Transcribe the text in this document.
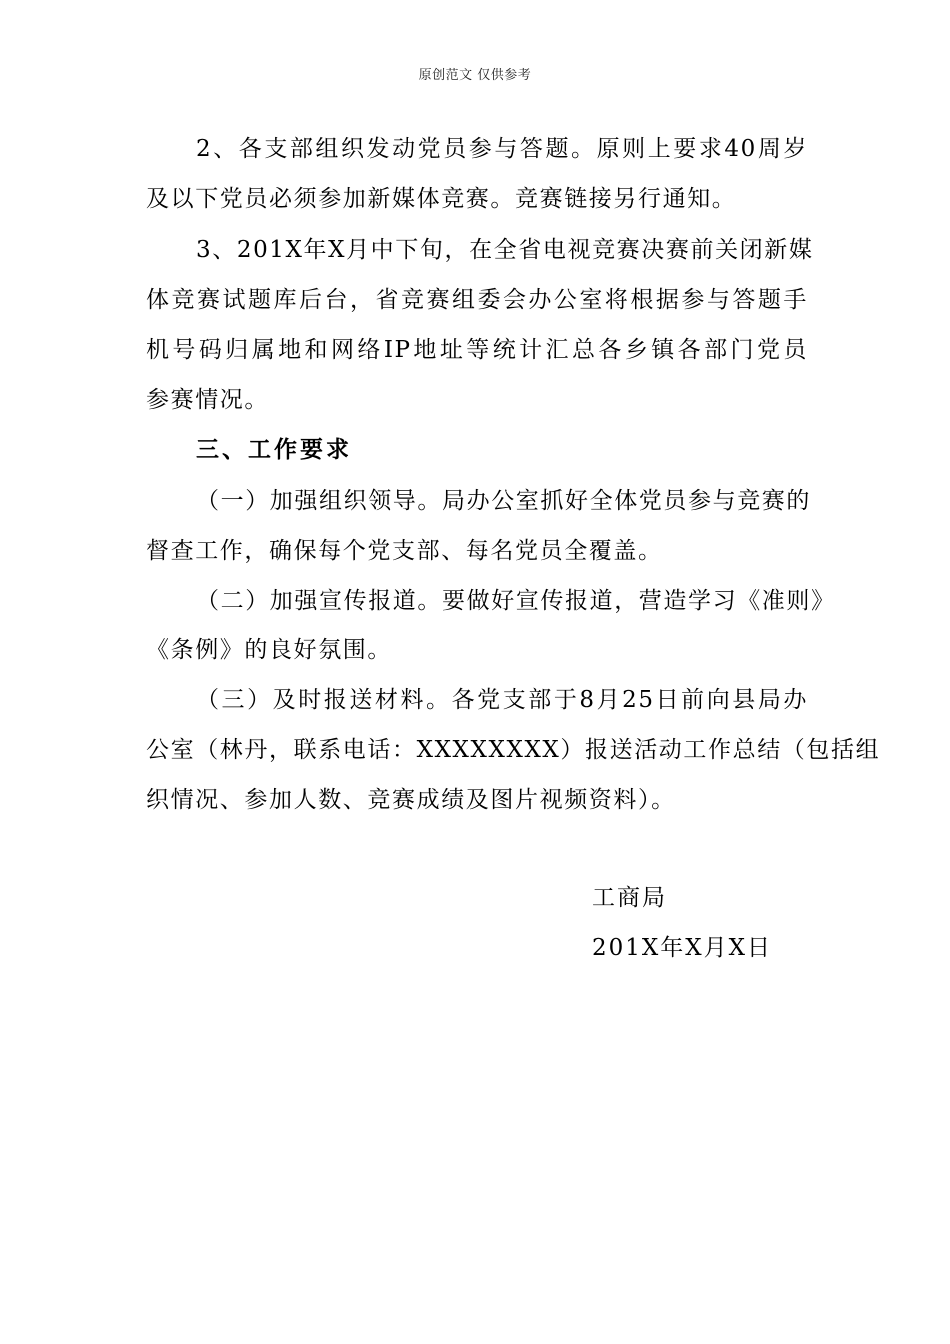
原创范文 仅供参考
2、各支部组织发动党员参与答题。原则上要求40周岁
及以下党员必须参加新媒体竞赛。竞赛链接另行通知。
3、201X年X月中下旬，在全省电视竞赛决赛前关闭新媒
体竞赛试题库后台，省竞赛组委会办公室将根据参与答题手
机号码归属地和网络IP地址等统计汇总各乡镇各部门党员
参赛情况。
三、工作要求
（一）加强组织领导。局办公室抓好全体党员参与竞赛的
督查工作，确保每个党支部、每名党员全覆盖。
（二）加强宣传报道。要做好宣传报道，营造学习《准则》
《条例》的良好氛围。
（三）及时报送材料。各党支部于8月25日前向县局办
公室（林丹，联系电话：XXXXXXXX）报送活动工作总结（包括组
织情况、参加人数、竞赛成绩及图片视频资料）。
工商局
201X年X月X日
